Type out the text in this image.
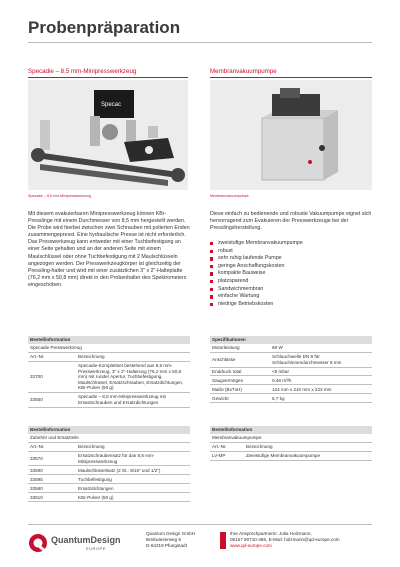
Probenpräparation
Specadie – 8,5 mm-Minipresswerkzeug	Membranvakuumpumpe
Specac
Specadie – 8,5 mm-Minipresswerkzeug	Membranvakuumpumpe
Mit diesem evakuierbaren Minipresswerkzeug können KBr-Presslinge mit einem Durchmesser von 8,5 mm hergestellt werden. Die Probe wird hierbei zwischen zwei Schrauben mit polierten Enden zusammengepresst. Eine hydraulische Presse ist nicht erforderlich. Das Presswerkzeug kann entweder mit einer Tuchbefestigung an einer Seite gehalten und an der anderen Seite mit einem Maulschlüssel oder ohne Tuchbefestigung mit 2 Maulschlüsseln angezogen werden. Der Presswerkzeugkörper ist gleichzeitig der Pressling-halter und wird mit einer zusätzlichen 3" x 2"-Halteplatte (76,2 mm x 50,8 mm) direkt in den Probenhalter des Spektrometers eingeschoben.
Diese einfach zu bedienende und robuste Vakuumpumpe eignet sich hervorragend zum Evakuieren der Presswerkzeuge bei der Presslingsherstellung.
zweistufige Membranvakuumpumpe
robust
sehr ruhig laufende Pumpe
geringe Anschaffungskosten
kompakte Bauweise
platzsparend
Sandwichmembran
einfache Wartung
niedrige Betriebskosten
Bestellinformation
Specadie Presswerkzeug
Art.-Nr.	Bezeichnung
33700	Specadie-Komplettset bestehend aus 8,5 mm-Presswerkzeug, 3" x 2"-Halterung (76,2 mm x 50,8 mm) mit runder Apertur, Tuchbefestigung, Maulschlüssel, Ersatzschrauben, Ersatzdichtungen, KBr-Pulver (50 g)
33550	Specadie – 8,5 mm-Minipresswerkzeug mit Ersatzschrauben und Ersatzdichtungen
Bestellinformation
Zubehör und Ersatzteile
Art.-Nr.	Bezeichnung
33570	Ersatzschraubensatz für das 8,5 mm-Minipresswerkzeug
33590	Maulschlüsselsatz (2 St.: 9/16" und 1/2")
33595	Tuchbefestigung
33580	Ersatzdichtungen
33610	KBr-Pulver (50 g)
Spezifikationen
Motorleistung	68 W
Anschlüsse	Schlauchwelle DN 8 für Schlauchinnendurchmesser 8 mm
Enddruck total	<8 mbar
Saugvermögen	0,48 m³/h
Maße (BxTxH)	124 mm x 210 mm x 223 mm
Gewicht	5,7 kg
Bestellinformation
Membranvakuumpumpe
Art.-Nr.	Bezeichnung
LV-MP	Zweistufige Membranvakuumpumpe
QuantumDesign
EUROPE
Quantum Design GmbH
Breitwieserweg 9
D-64319 Pfungstadt
Ihre Ansprechpartnerin: Julia Holzmann,
06157 80710-486, E-Mail: holzmann@qd-europe.com
www.qd-europe.com
